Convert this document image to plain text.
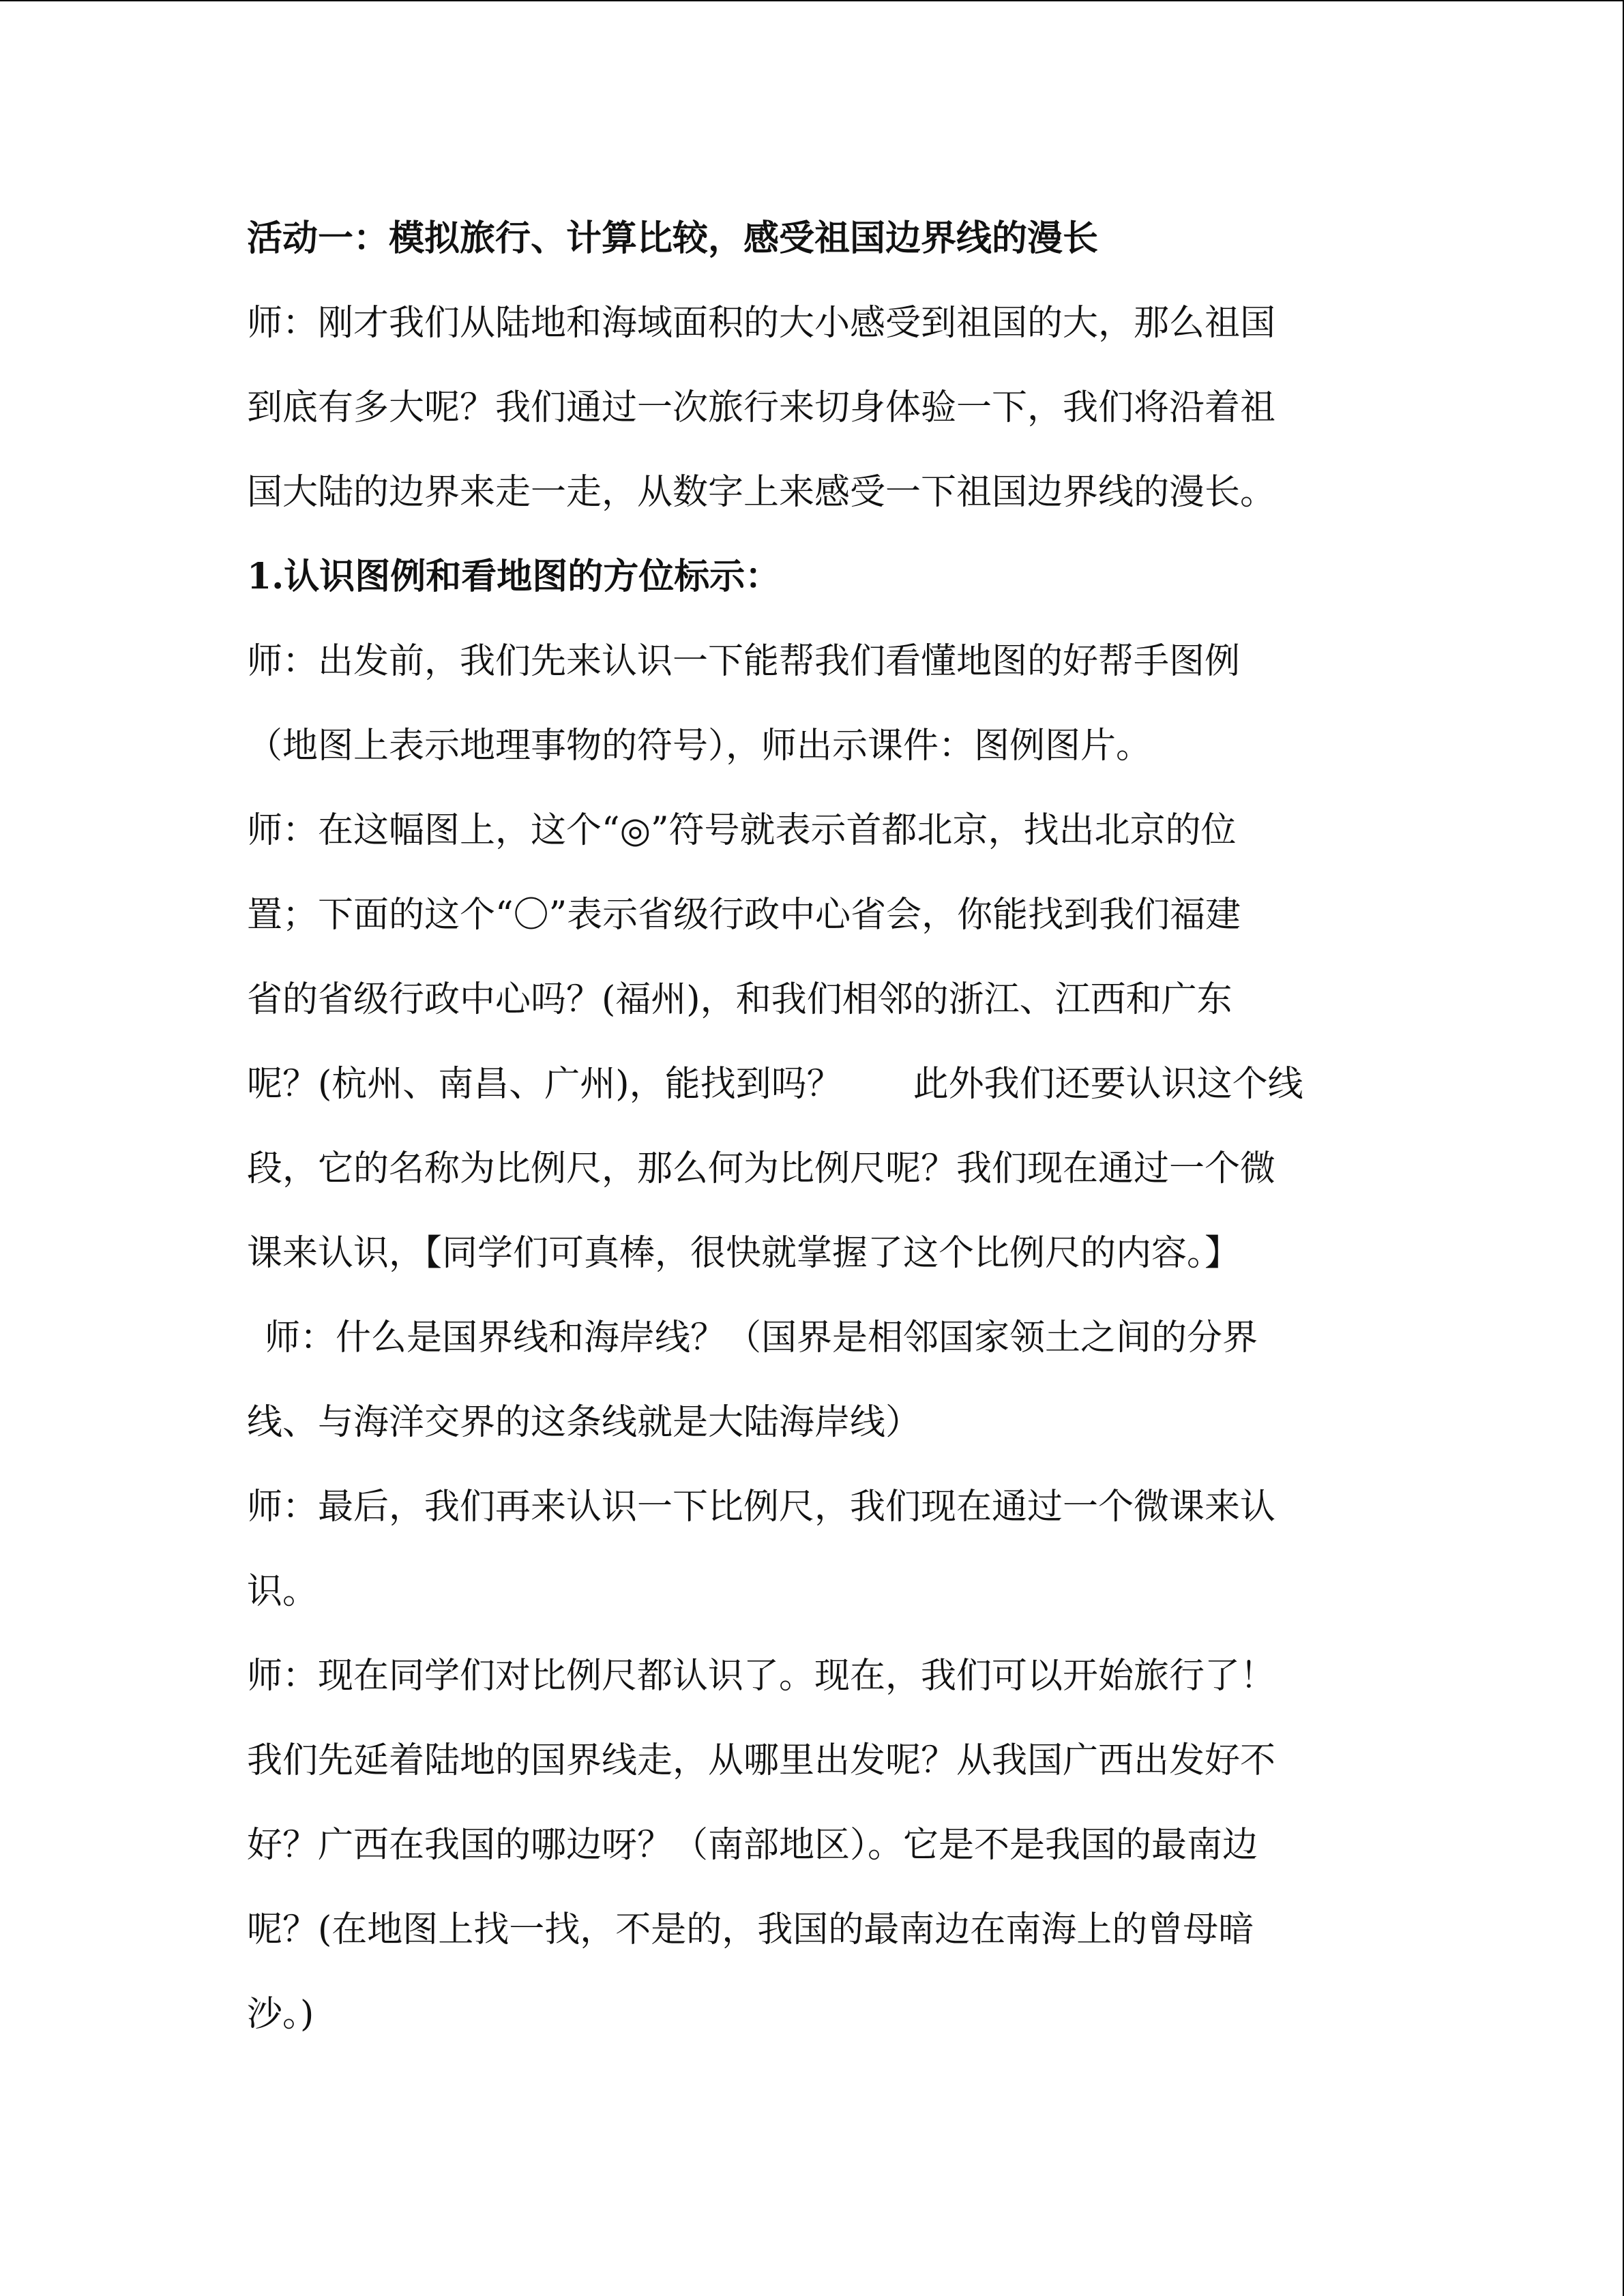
活动一：模拟旅行、计算比较，感受祖国边界线的漫长
师：刚才我们从陆地和海域面积的大小感受到祖国的大，那么祖国
到底有多大呢？我们通过一次旅行来切身体验一下，我们将沿着祖
国大陆的边界来走一走，从数字上来感受一下祖国边界线的漫长。
1.认识图例和看地图的方位标示：
师：出发前，我们先来认识一下能帮我们看懂地图的好帮手图例
（地图上表示地理事物的符号），师出示课件：图例图片。
师：在这幅图上，这个“◎”符号就表示首都北京，找出北京的位
置；下面的这个“〇”表示省级行政中心省会，你能找到我们福建
省的省级行政中心吗？(福州)，和我们相邻的浙江、江西和广东
呢？(杭州、南昌、广州)，能找到吗？　　此外我们还要认识这个线
段，它的名称为比例尺，那么何为比例尺呢？我们现在通过一个微
课来认识，【同学们可真棒，很快就掌握了这个比例尺的内容。】
师：什么是国界线和海岸线？（国界是相邻国家领土之间的分界
线、与海洋交界的这条线就是大陆海岸线）
师：最后，我们再来认识一下比例尺，我们现在通过一个微课来认
识。
师：现在同学们对比例尺都认识了。现在，我们可以开始旅行了！
我们先延着陆地的国界线走，从哪里出发呢？从我国广西出发好不
好？广西在我国的哪边呀？（南部地区）。它是不是我国的最南边
呢？(在地图上找一找，不是的，我国的最南边在南海上的曾母暗
沙。)
